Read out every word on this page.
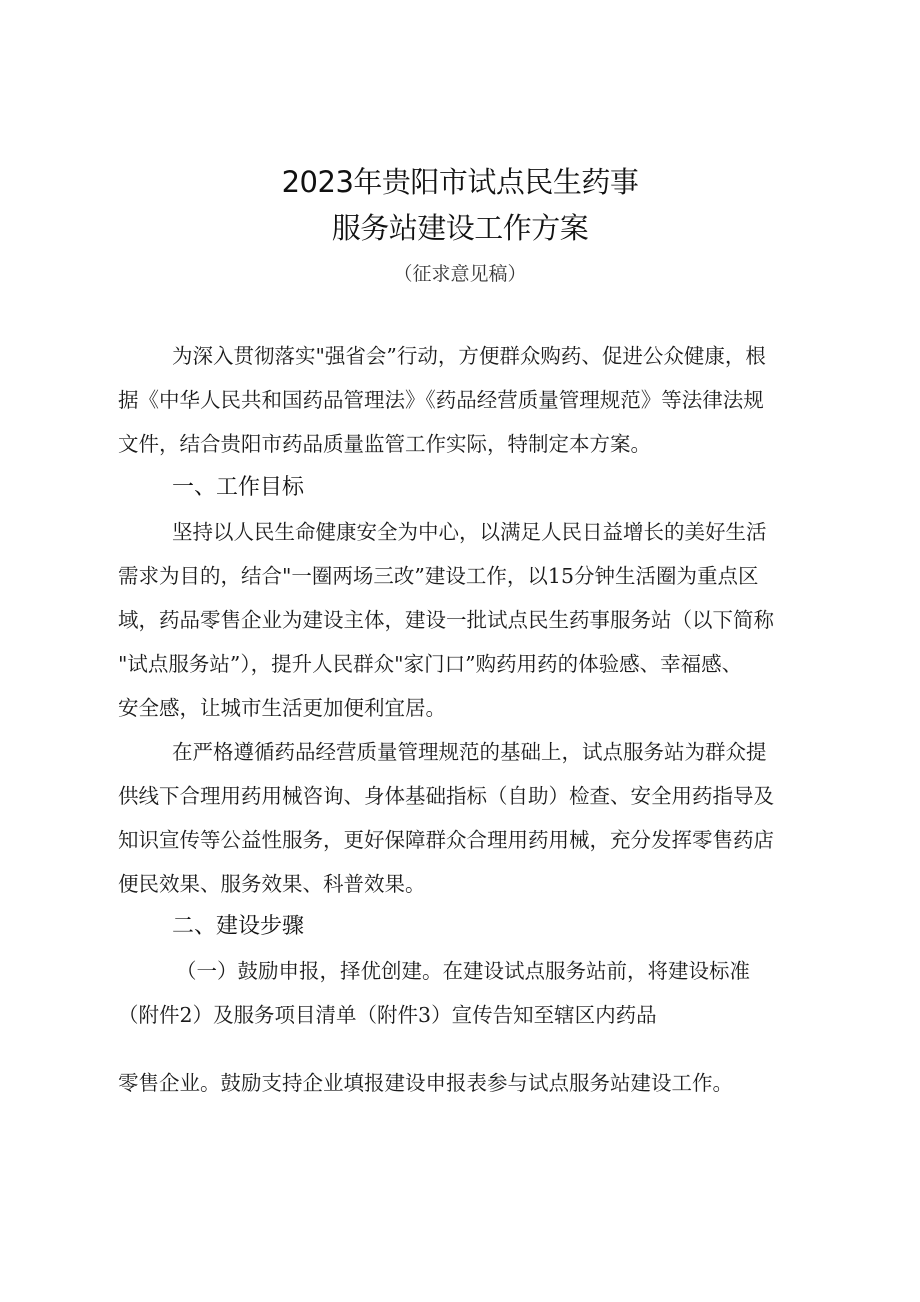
2023年贵阳市试点民生药事
服务站建设工作方案
（征求意见稿）
为深入贯彻落实"强省会”行动，方便群众购药、促进公众健康，根
据《中华人民共和国药品管理法》《药品经营质量管理规范》等法律法规
文件，结合贵阳市药品质量监管工作实际，特制定本方案。
一、工作目标
坚持以人民生命健康安全为中心，以满足人民日益增长的美好生活
需求为目的，结合"一圈两场三改”建设工作，以15分钟生活圈为重点区
域，药品零售企业为建设主体，建设一批试点民生药事服务站（以下简称
"试点服务站”），提升人民群众"家门口”购药用药的体验感、幸福感、
安全感，让城市生活更加便利宜居。
在严格遵循药品经营质量管理规范的基础上，试点服务站为群众提
供线下合理用药用械咨询、身体基础指标（自助）检查、安全用药指导及
知识宣传等公益性服务，更好保障群众合理用药用械，充分发挥零售药店
便民效果、服务效果、科普效果。
二、建设步骤
（一）鼓励申报，择优创建。在建设试点服务站前，将建设标准
（附件2）及服务项目清单（附件3）宣传告知至辖区内药品
零售企业。鼓励支持企业填报建设申报表参与试点服务站建设工作。
